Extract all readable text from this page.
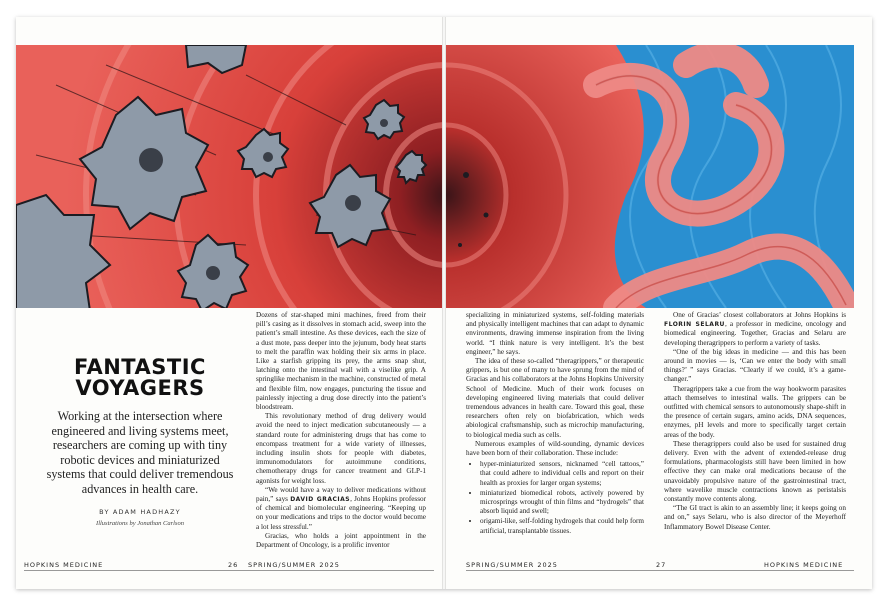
FANTASTIC

VOYAGERS

Working at the intersection where engineered and living systems meet, researchers are coming up with tiny robotic devices and miniaturized systems that could deliver tremendous advances in health care.

BY ADAM HADHAZY

Illustrations by Jonathan Carlson

Dozens of star-shaped mini machines, freed from their pill’s casing as it dissolves in stomach acid, sweep into the patient’s small intestine. As these devices, each the size of a dust mote, pass deeper into the jejunum, body heat starts to melt the paraffin wax holding their six arms in place. Like a starfish gripping its prey, the arms snap shut, latching onto the intestinal wall with a viselike grip. A springlike mechanism in the machine, constructed of metal and flexible film, now engages, puncturing the tissue and painlessly injecting a drug dose directly into the patient’s bloodstream.

This revolutionary method of drug delivery would avoid the need to inject medication subcutaneously — a standard route for administering drugs that has come to encompass treatment for a wide variety of illnesses, including insulin shots for people with diabetes, immunomodulators for autoimmune conditions, chemotherapy drugs for cancer treatment and GLP-1 agonists for weight loss.

“We would have a way to deliver medications without pain,” says DAVID GRACIAS, Johns Hopkins professor of chemical and biomolecular engineering. “Keeping up on your medications and trips to the doctor would become a lot less stressful.”

Gracias, who holds a joint appointment in the Department of Oncology, is a prolific inventor

HOPKINS MEDICINE	26

specializing in miniaturized systems, self-folding materials and physically intelligent machines that can adapt to dynamic environments, drawing immense inspiration from the living world. “I think nature is very intelligent. It’s the best engineer,” he says.

The idea of these so-called “theragrippers,” or therapeutic grippers, is but one of many to have sprung from the mind of Gracias and his collaborators at the Johns Hopkins University School of Medicine. Much of their work focuses on developing engineered living materials that could deliver tremendous advances in health care. Toward this goal, these researchers often rely on biofabrication, which weds abiological craftsmanship, such as microchip manufacturing, to biological media such as cells.

Numerous examples of wild-sounding, dynamic devices have been born of their collaboration. These include:

• hyper-miniaturized sensors, nicknamed “cell tattoos,” that could adhere to individual cells and report on their health as proxies for larger organ systems;
• miniaturized biomedical robots, actively powered by microsprings wrought of thin films and “hydrogels” that absorb liquid and swell;
• origami-like, self-folding hydrogels that could help form artificial, transplantable tissues.

One of Gracias’ closest collaborators at Johns Hopkins is FLORIN SELARU, a professor in medicine, oncology and biomedical engineering. Together, Gracias and Selaru are developing theragrippers to perform a variety of tasks.

“One of the big ideas in medicine — and this has been around in movies — is, ‘Can we enter the body with small things?’ ” says Gracias. “Clearly if we could, it’s a game-changer.”

Theragrippers take a cue from the way hookworm parasites attach themselves to intestinal walls. The grippers can be outfitted with chemical sensors to autonomously shape-shift in the presence of certain sugars, amino acids, DNA sequences, enzymes, pH levels and more to specifically target certain areas of the body.

These theragrippers could also be used for sustained drug delivery. Even with the advent of extended-release drug formulations, pharmacologists still have been limited in how effective they can make oral medications because of the unavoidably propulsive nature of the gastrointestinal tract, where wavelike muscle contractions known as peristalsis constantly move contents along.

“The GI tract is akin to an assembly line; it keeps going on and on,” says Selaru, who is also director of the Meyerhoff Inflammatory Bowel Disease Center.

SPRING/SUMMER 2025	27	HOPKINS MEDICINE
SPRING/SUMMER 2025
